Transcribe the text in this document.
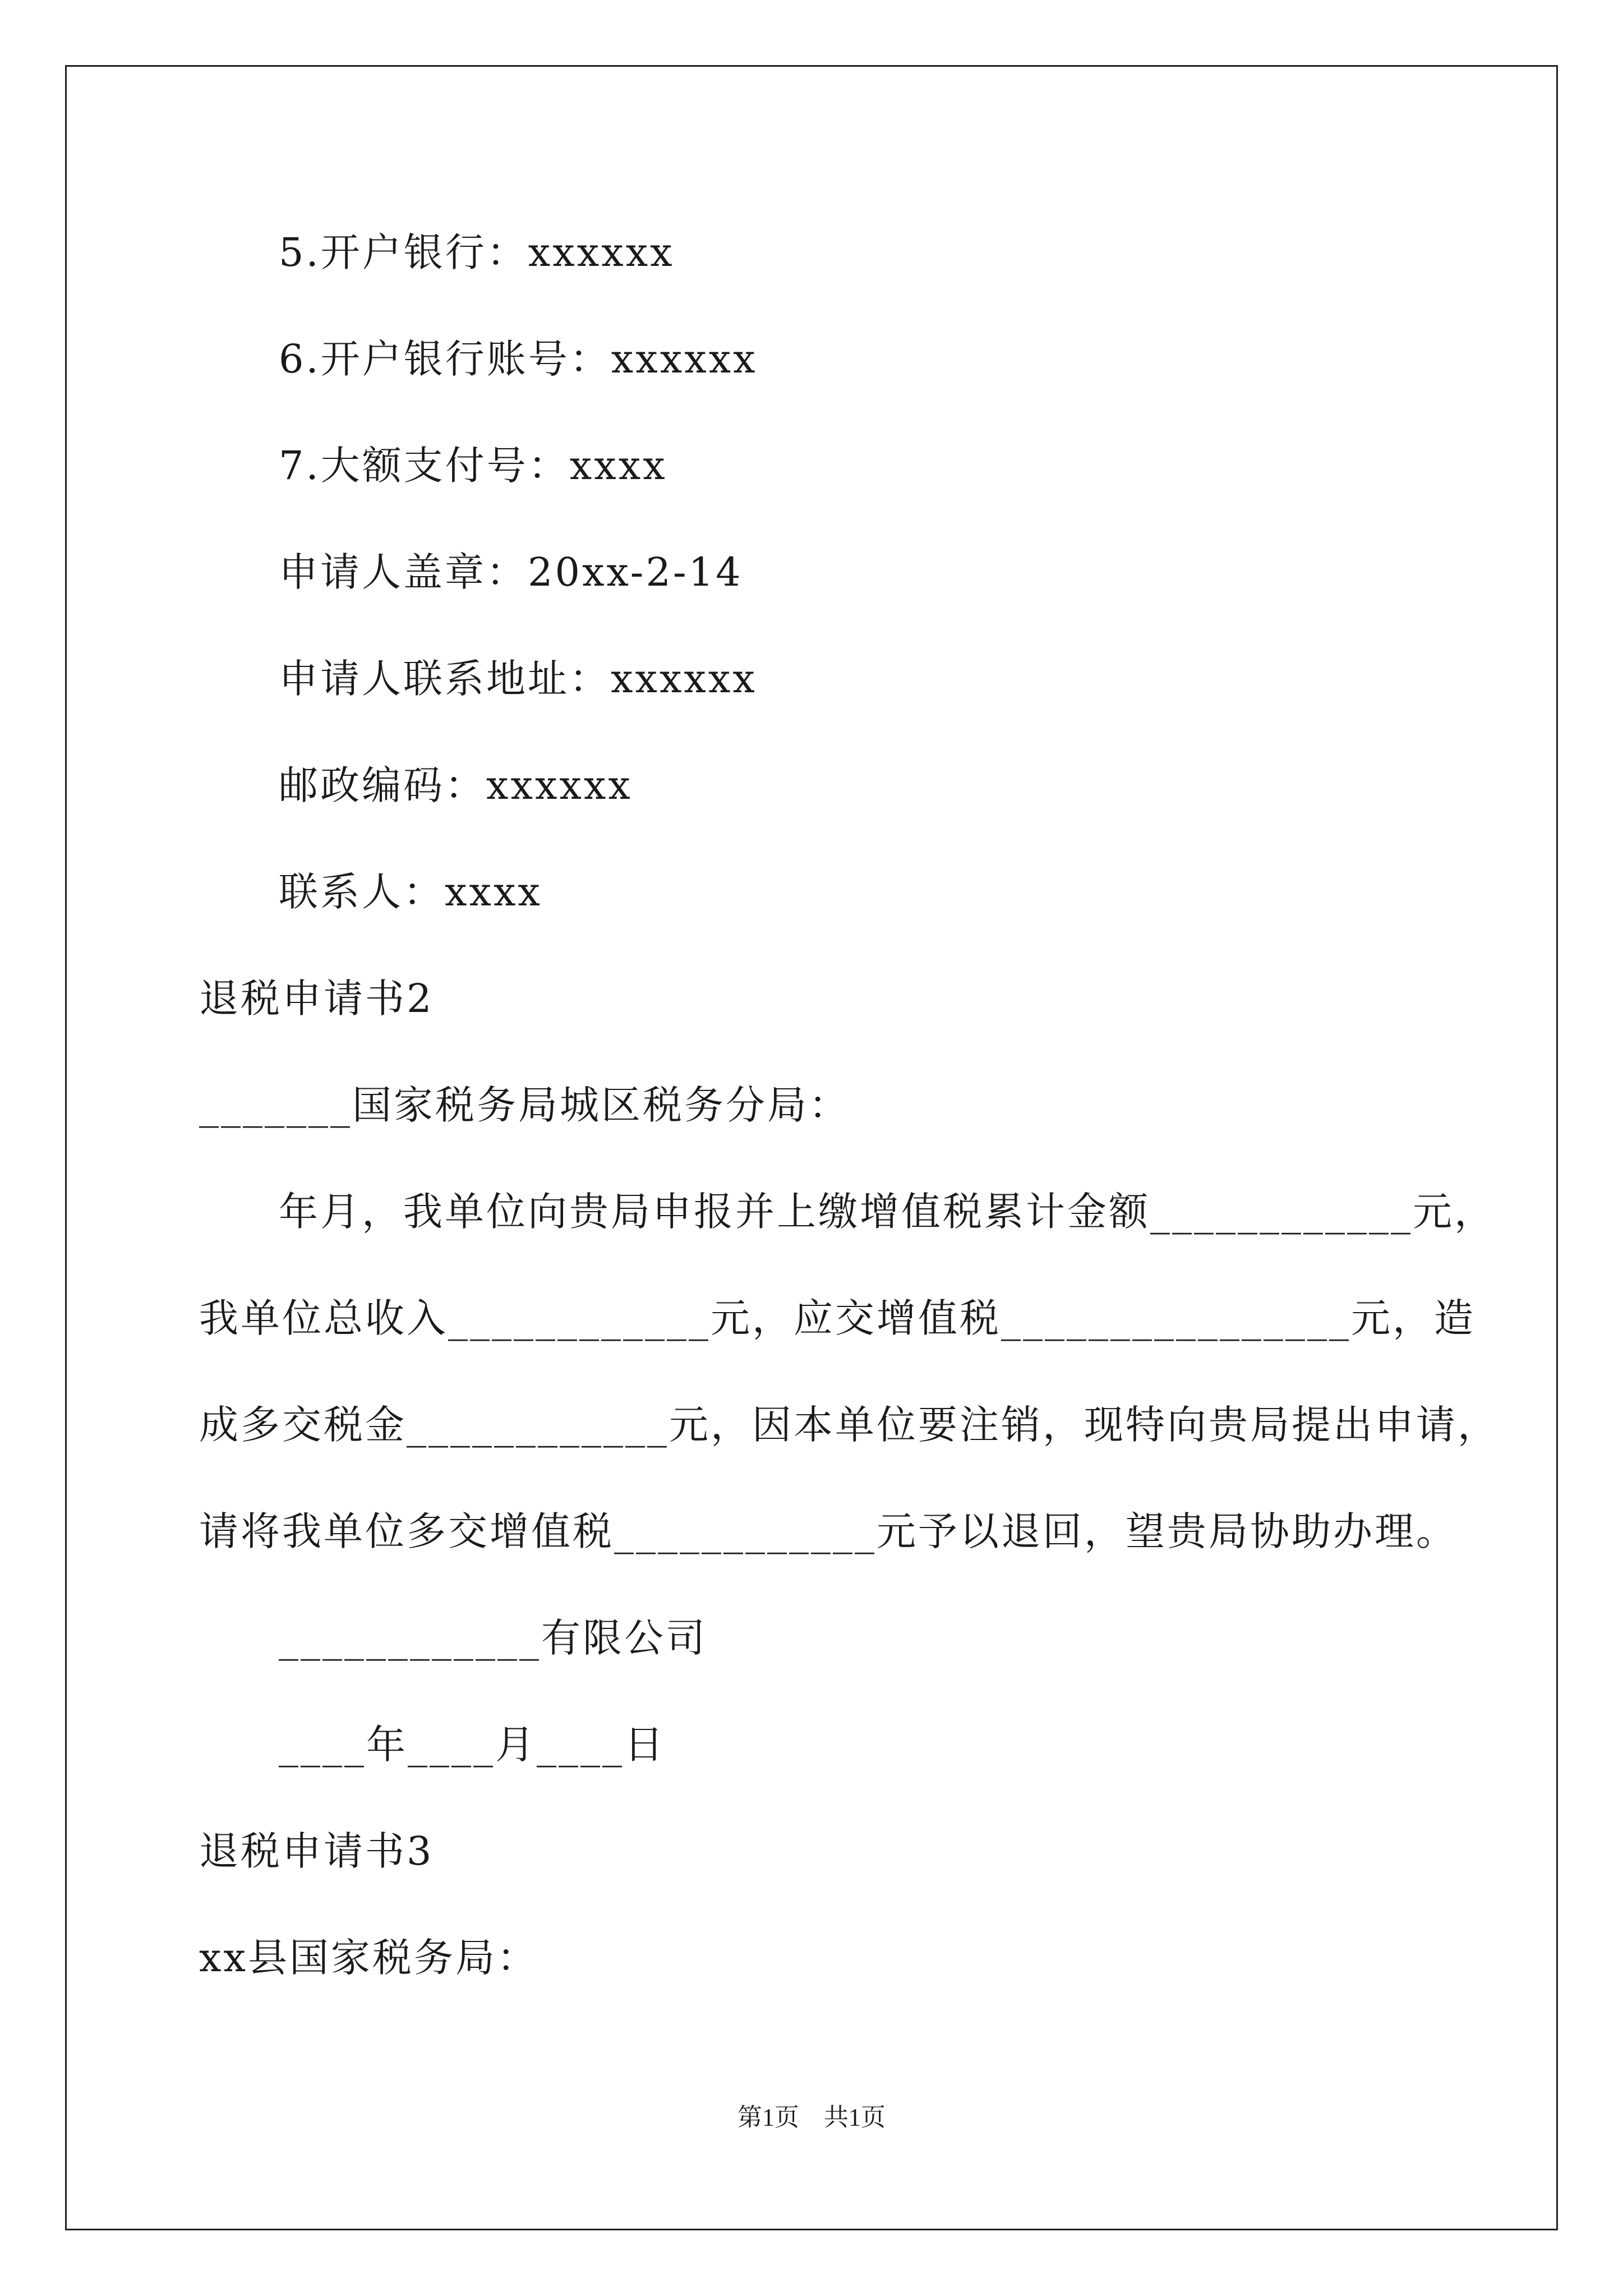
5.开户银行：xxxxxx
6.开户银行账号：xxxxxx
7.大额支付号：xxxx
申请人盖章：20xx-2-14
申请人联系地址：xxxxxx
邮政编码：xxxxxx
联系人：xxxx
退税申请书2
_______国家税务局城区税务分局：
年月，我单位向贵局申报并上缴增值税累计金额____________元，
我单位总收入____________元，应交增值税________________元，造
成多交税金____________元，因本单位要注销，现特向贵局提出申请，
请将我单位多交增值税____________元予以退回，望贵局协助办理。
____________有限公司
____年____月____日
退税申请书3
xx县国家税务局：
第1页　共1页
